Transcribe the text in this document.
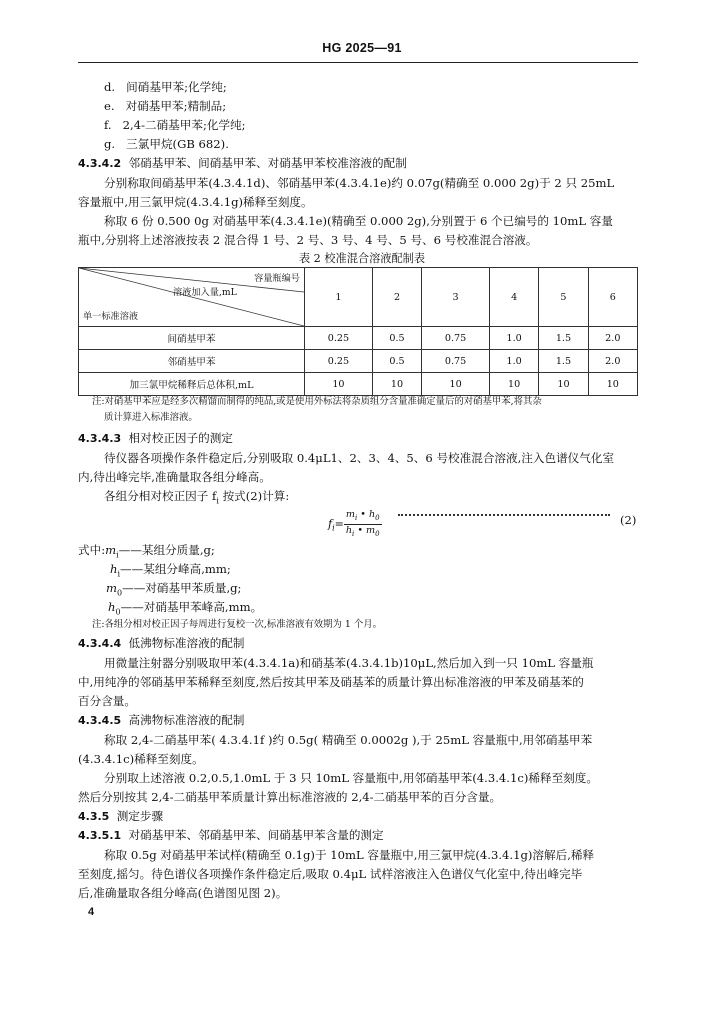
HG 2025—91
d. 间硝基甲苯;化学纯;
e. 对硝基甲苯;精制品;
f. 2,4-二硝基甲苯;化学纯;
g. 三氯甲烷(GB 682).
4.3.4.2 邻硝基甲苯、间硝基甲苯、对硝基甲苯校准溶液的配制
分别称取间硝基甲苯(4.3.4.1d)、邻硝基甲苯(4.3.4.1e)约 0.07g(精确至 0.000 2g)于 2 只 25mL
容量瓶中,用三氯甲烷(4.3.4.1g)稀释至刻度。
称取 6 份 0.500 0g 对硝基甲苯(4.3.4.1e)(精确至 0.000 2g),分别置于 6 个已编号的 10mL 容量
瓶中,分别将上述溶液按表 2 混合得 1 号、2 号、3 号、4 号、5 号、6 号校准混合溶液。
表 2 校准混合溶液配制表
容量瓶编号
溶液加入量,mL
单一标准溶液	1	2	3	4	5	6
间硝基甲苯	0.25	0.5	0.75	1.0	1.5	2.0
邻硝基甲苯	0.25	0.5	0.75	1.0	1.5	2.0
加三氯甲烷稀释后总体积,mL	10	10	10	10	10	10
注:对硝基甲苯应是经多次精馏而制得的纯品,或是使用外标法将杂质组分含量准确定量后的对硝基甲苯,将其杂
质计算进入标准溶液。
4.3.4.3 相对校正因子的测定
待仪器各项操作条件稳定后,分别吸取 0.4μL1、2、3、4、5、6 号校准混合溶液,注入色谱仪气化室
内,待出峰完毕,准确量取各组分峰高。
各组分相对校正因子 $f_i$ 按式(2)计算:
$f_i= \frac{m_i • h_0}{h_i • m_0}$	(2)
式中$:m_i——$某组分质量,g;
$h_i——$某组分峰高,mm;
$m_0——$对硝基甲苯质量,g;
$h_0——$对硝基甲苯峰高,mm。
注:各组分相对校正因子每周进行复校一次,标准溶液有效期为 1 个月。
4.3.4.4 低沸物标准溶液的配制
用微量注射器分别吸取甲苯(4.3.4.1a)和硝基苯(4.3.4.1b)10μL,然后加入到一只 10mL 容量瓶
中,用纯净的邻硝基甲苯稀释至刻度,然后按其甲苯及硝基苯的质量计算出标准溶液的甲苯及硝基苯的
百分含量。
4.3.4.5 高沸物标准溶液的配制
称取 2,4-二硝基甲苯( 4.3.4.1f )约 0.5g( 精确至 0.0002g ),于 25mL 容量瓶中,用邻硝基甲苯
(4.3.4.1c)稀释至刻度。
分别取上述溶液 0.2,0.5,1.0mL 于 3 只 10mL 容量瓶中,用邻硝基甲苯(4.3.4.1c)稀释至刻度。
然后分别按其 2,4-二硝基甲苯质量计算出标准溶液的 2,4-二硝基甲苯的百分含量。
4.3.5 测定步骤
4.3.5.1 对硝基甲苯、邻硝基甲苯、间硝基甲苯含量的测定
称取 0.5g 对硝基甲苯试样(精确至 0.1g)于 10mL 容量瓶中,用三氯甲烷(4.3.4.1g)溶解后,稀释
至刻度,摇匀。待色谱仪各项操作条件稳定后,吸取 0.4μL 试样溶液注入色谱仪气化室中,待出峰完毕
后,准确量取各组分峰高(色谱图见图 2)。
4
